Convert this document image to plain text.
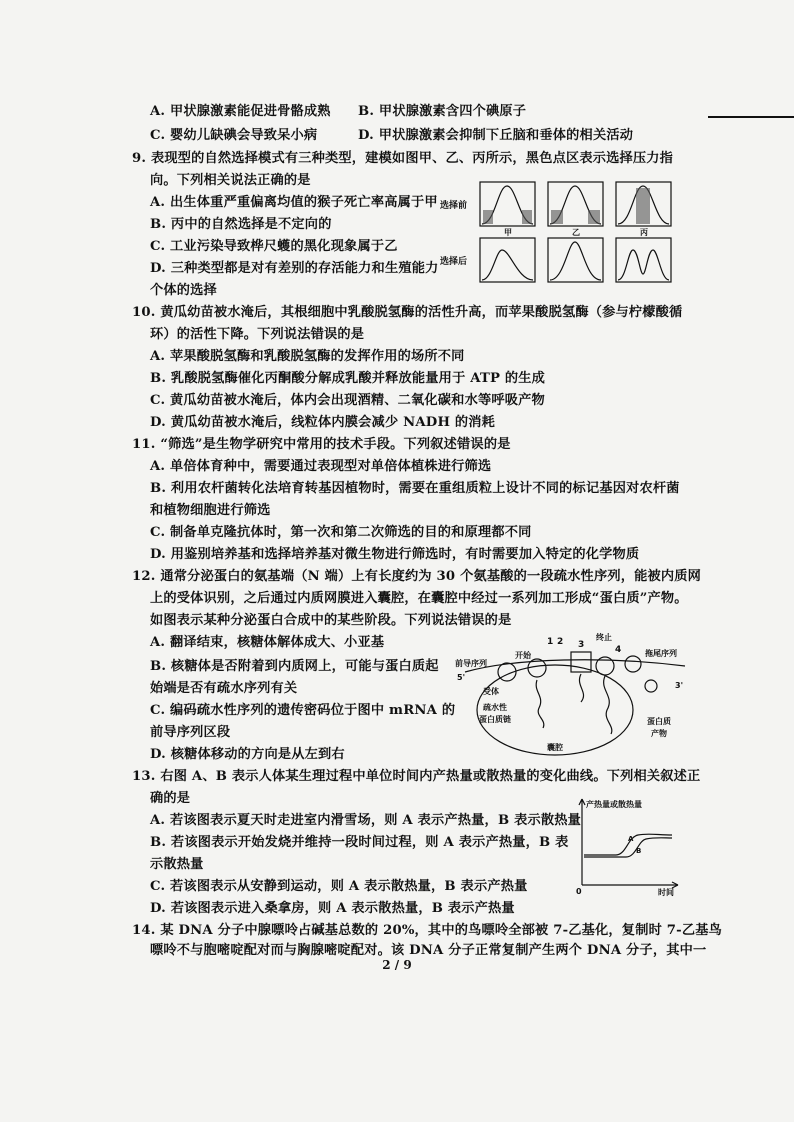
A. 甲状腺激素能促进骨骼成熟 B. 甲状腺激素含四个碘原子
C. 婴幼儿缺碘会导致呆小病	D. 甲状腺激素会抑制下丘脑和垂体的相关活动
9. 表现型的自然选择模式有三种类型，建模如图甲、乙、丙所示，黑色点区表示选择压力指
向。下列相关说法正确的是
A. 出生体重严重偏离均值的猴子死亡率高属于甲
B. 丙中的自然选择是不定向的
C. 工业污染导致桦尺蠖的黑化现象属于乙
D. 三种类型都是对有差别的存活能力和生殖能力
个体的选择
选择前
选择后
甲	乙	丙
10. 黄瓜幼苗被水淹后，其根细胞中乳酸脱氢酶的活性升高，而苹果酸脱氢酶（参与柠檬酸循
环）的活性下降。下列说法错误的是
A. 苹果酸脱氢酶和乳酸脱氢酶的发挥作用的场所不同
B. 乳酸脱氢酶催化丙酮酸分解成乳酸并释放能量用于 ATP 的生成
C. 黄瓜幼苗被水淹后，体内会出现酒精、二氧化碳和水等呼吸产物
D. 黄瓜幼苗被水淹后，线粒体内膜会减少 NADH 的消耗
11. “筛选”是生物学研究中常用的技术手段。下列叙述错误的是
A. 单倍体育种中，需要通过表现型对单倍体植株进行筛选
B. 利用农杆菌转化法培育转基因植物时，需要在重组质粒上设计不同的标记基因对农杆菌
和植物细胞进行筛选
C. 制备单克隆抗体时，第一次和第二次筛选的目的和原理都不同
D. 用鉴别培养基和选择培养基对微生物进行筛选时，有时需要加入特定的化学物质
12. 通常分泌蛋白的氨基端（N 端）上有长度约为 30 个氨基酸的一段疏水性序列，能被内质网
上的受体识别，之后通过内质网膜进入囊腔，在囊腔中经过一系列加工形成“蛋白质”产物。
如图表示某种分泌蛋白合成中的某些阶段。下列说法错误的是
A. 翻译结束，核糖体解体成大、小亚基
B. 核糖体是否附着到内质网上，可能与蛋白质起
始端是否有疏水序列有关
C. 编码疏水性序列的遗传密码位于图中 mRNA 的
前导序列区段
D. 核糖体移动的方向是从左到右
1 2 3	4
开始
终止
前导序列
拖尾序列
5'
3'
受体
疏水性
蛋白质链	蛋白质
产物
囊腔
13. 右图 A、B 表示人体某生理过程中单位时间内产热量或散热量的变化曲线。下列相关叙述正
确的是
A. 若该图表示夏天时走进室内滑雪场，则 A 表示产热量，B 表示散热量
B. 若该图表示开始发烧并维持一段时间过程，则 A 表示产热量，B 表
示散热量
C. 若该图表示从安静到运动，则 A 表示散热量，B 表示产热量
D. 若该图表示进入桑拿房，则 A 表示散热量，B 表示产热量
产热量或散热量
时间
0
A
B
14. 某 DNA 分子中腺嘌呤占碱基总数的 20%，其中的鸟嘌呤全部被 7-乙基化，复制时 7-乙基鸟
嘌呤不与胞嘧啶配对而与胸腺嘧啶配对。该 DNA 分子正常复制产生两个 DNA 分子，其中一
2 / 9
